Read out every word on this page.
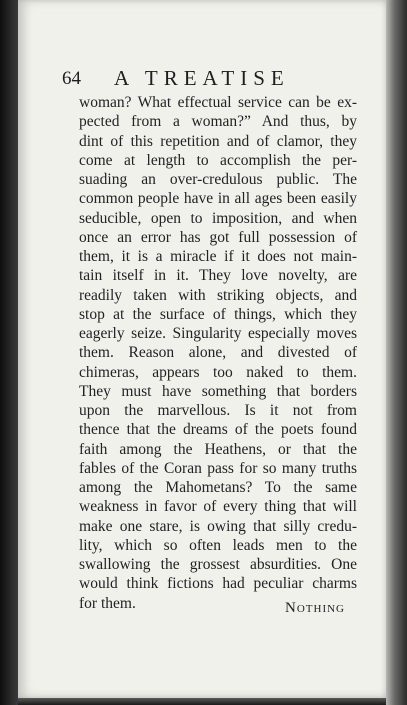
64 A TREATISE
woman? What effectual service can be ex-
pected from a woman?” And thus, by
dint of this repetition and of clamor, they
come at length to accomplish the per-
suading an over-credulous public. The
common people have in all ages been easily
seducible, open to imposition, and when
once an error has got full possession of
them, it is a miracle if it does not main-
tain itself in it. They love novelty, are
readily taken with striking objects, and
stop at the surface of things, which they
eagerly seize. Singularity especially moves
them. Reason alone, and divested of
chimeras, appears too naked to them.
They must have something that borders
upon the marvellous. Is it not from
thence that the dreams of the poets found
faith among the Heathens, or that the
fables of the Coran pass for so many truths
among the Mahometans? To the same
weakness in favor of every thing that will
make one stare, is owing that silly credu-
lity, which so often leads men to the
swallowing the grossest absurdities. One
would think fictions had peculiar charms
for them.	Nothing
